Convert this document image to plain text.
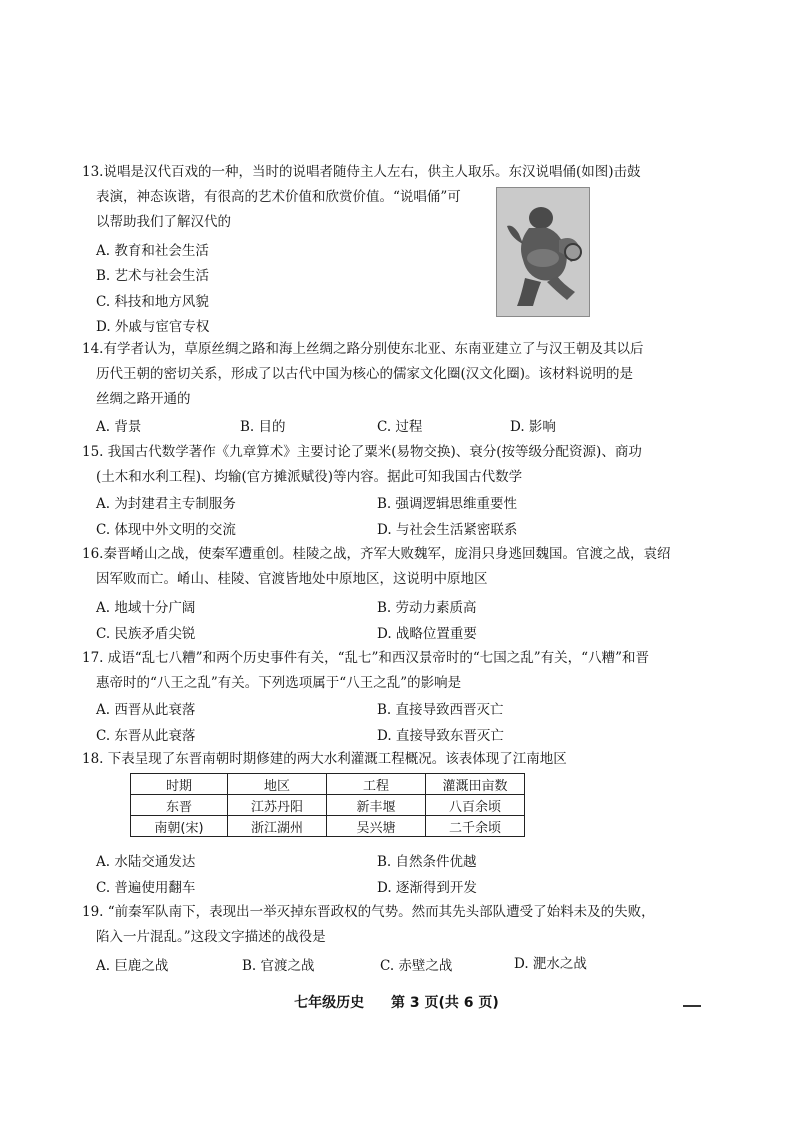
13.说唱是汉代百戏的一种，当时的说唱者随侍主人左右，供主人取乐。东汉说唱俑(如图)击鼓
表演，神态诙谐，有很高的艺术价值和欣赏价值。“说唱俑”可
以帮助我们了解汉代的
A. 教育和社会生活
B. 艺术与社会生活
C. 科技和地方风貌
D. 外戚与宦官专权
14.有学者认为，草原丝绸之路和海上丝绸之路分别使东北亚、东南亚建立了与汉王朝及其以后
历代王朝的密切关系，形成了以古代中国为核心的儒家文化圈(汉文化圈)。该材料说明的是
丝绸之路开通的
A. 背景	B. 目的	C. 过程	D. 影响
15. 我国古代数学著作《九章算术》主要讨论了粟米(易物交换)、衰分(按等级分配资源)、商功
(土木和水利工程)、均输(官方摊派赋役)等内容。据此可知我国古代数学
A. 为封建君主专制服务	B. 强调逻辑思维重要性
C. 体现中外文明的交流	D. 与社会生活紧密联系
16.秦晋崤山之战，使秦军遭重创。桂陵之战，齐军大败魏军，庞涓只身逃回魏国。官渡之战，袁绍
因军败而亡。崤山、桂陵、官渡皆地处中原地区，这说明中原地区
A. 地域十分广阔	B. 劳动力素质高
C. 民族矛盾尖锐	D. 战略位置重要
17. 成语“乱七八糟”和两个历史事件有关，“乱七”和西汉景帝时的“七国之乱”有关，“八糟”和晋
惠帝时的“八王之乱”有关。下列选项属于“八王之乱”的影响是
A. 西晋从此衰落	B. 直接导致西晋灭亡
C. 东晋从此衰落	D. 直接导致东晋灭亡
18. 下表呈现了东晋南朝时期修建的两大水利灌溉工程概况。该表体现了江南地区
时期	地区	工程	灌溉田亩数
东晋	江苏丹阳	新丰堰	八百余顷
南朝(宋)	浙江湖州	吴兴塘	二千余顷
A. 水陆交通发达	B. 自然条件优越
C. 普遍使用翻车	D. 逐渐得到开发
19. “前秦军队南下，表现出一举灭掉东晋政权的气势。然而其先头部队遭受了始料未及的失败，
陷入一片混乱。”这段文字描述的战役是
A. 巨鹿之战	B. 官渡之战	C. 赤壁之战	D. 淝水之战
七年级历史 第 3 页(共 6 页)
